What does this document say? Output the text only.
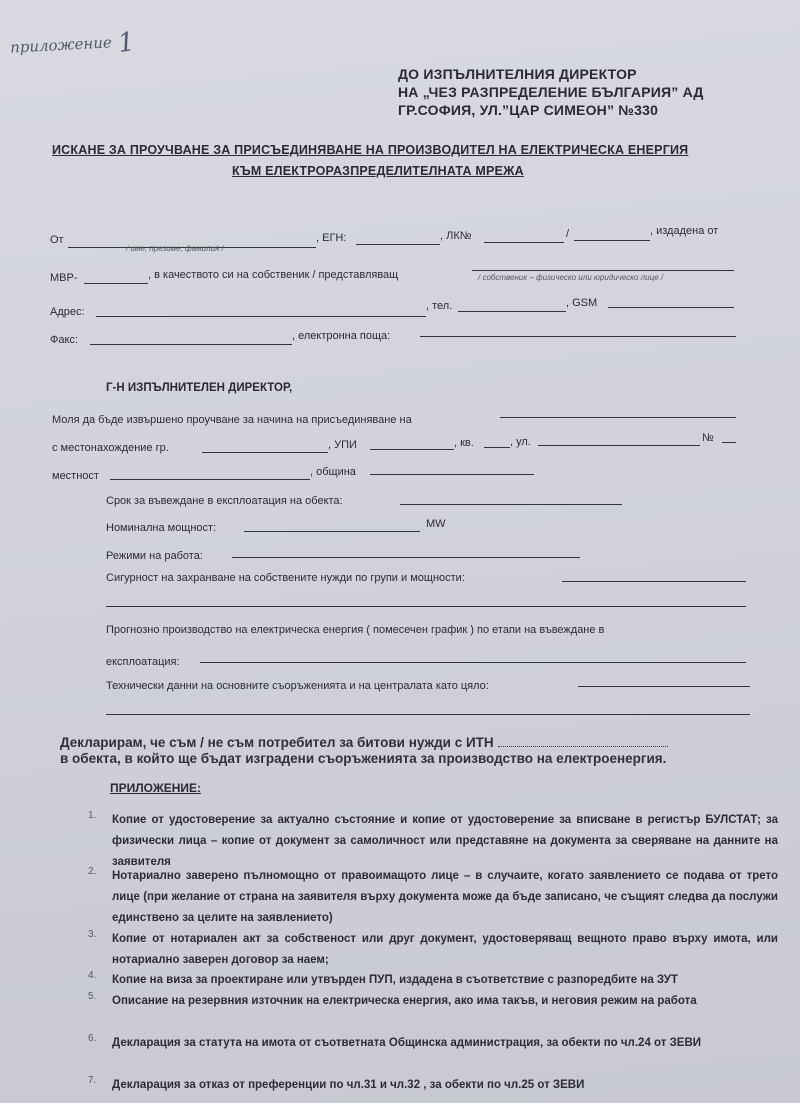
приложение 1
ДО ИЗПЪЛНИТЕЛНИЯ ДИРЕКТОР
НА „ЧЕЗ РАЗПРЕДЕЛЕНИЕ БЪЛГАРИЯ” АД
ГР.СОФИЯ, УЛ.”ЦАР СИМЕОН” №330
ИСКАНЕ ЗА ПРОУЧВАНЕ ЗА ПРИСЪЕДИНЯВАНЕ НА ПРОИЗВОДИТЕЛ НА ЕЛЕКТРИЧЕСКА ЕНЕРГИЯ
КЪМ ЕЛЕКТРОРАЗПРЕДЕЛИТЕЛНАТА МРЕЖА
От
/ име, презиме, фамилия /
, ЕГН:	, ЛК№	/	, издадена от
МВР-	, в качеството си на собственик / представляващ	/ собственик – физическо или юридическо лице /
Адрес:	, тел.	, GSM
Факс:	, електронна поща:
Г-Н ИЗПЪЛНИТЕЛЕН ДИРЕКТОР,
Моля да бъде извършено проучване за начина на присъединяване на
с местонахождение гр.	, УПИ	, кв.	, ул.	№
местност	, община
Срок за въвеждане в експлоатация на обекта:
Номинална мощност:	MW
Режими на работа:
Сигурност на захранване на собствените нужди по групи и мощности:
Прогнозно производство на електрическа енергия ( помесечен график ) по етапи на въвеждане в
експлоатация:
Технически данни на основните съоръженията и на централата като цяло:
Декларирам, че съм / не съм потребител за битови нужди с ИТН
в обекта, в който ще бъдат изградени съоръженията за производство на електроенергия.
ПРИЛОЖЕНИЕ:
1. Копие от удостоверение за актуално състояние и копие от удостоверение за вписване в регистър БУЛСТАТ; за физически лица – копие от документ за самоличност или представяне на документа за сверяване на данните на заявителя
2. Нотариално заверено пълномощно от правоимащото лице – в случаите, когато заявлението се подава от трето лице (при желание от страна на заявителя върху документа може да бъде записано, че същият следва да послужи единствено за целите на заявлението)
3. Копие от нотариален акт за собственост или друг документ, удостоверяващ вещното право върху имота, или нотариално заверен договор за наем;
4. Копие на виза за проектиране или утвърден ПУП, издадена в съответствие с разпоредбите на ЗУТ
5. Описание на резервния източник на електрическа енергия, ако има такъв, и неговия режим на работа
6. Декларация за статута на имота от съответната Общинска администрация, за обекти по чл.24 от ЗЕВИ
7. Декларация за отказ от преференции по чл.31 и чл.32 , за обекти по чл.25 от ЗЕВИ
